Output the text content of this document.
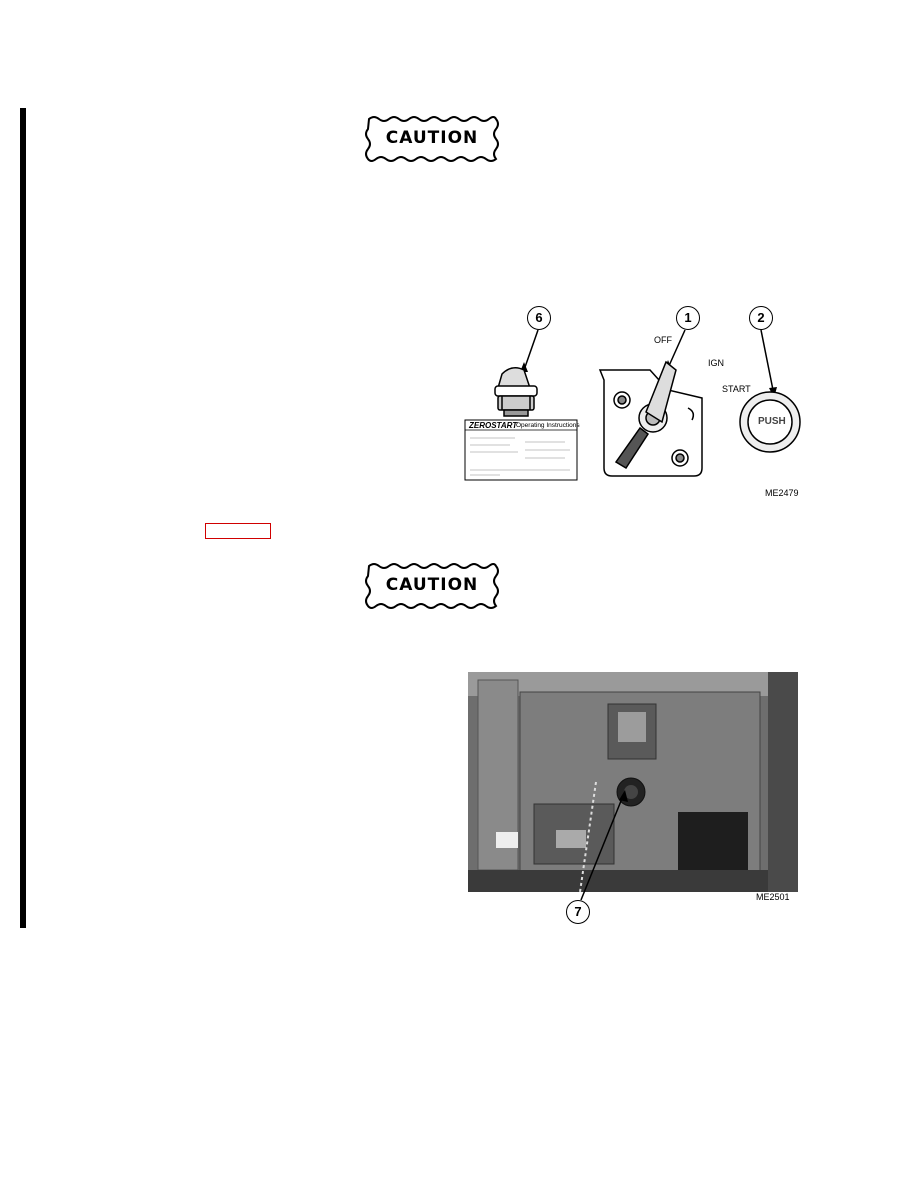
CAUTION
ZEROSTART
Operating Instructions	PUSH
6	1	2
OFF
IGN
START
ME2479
CAUTION
7
ME2501
